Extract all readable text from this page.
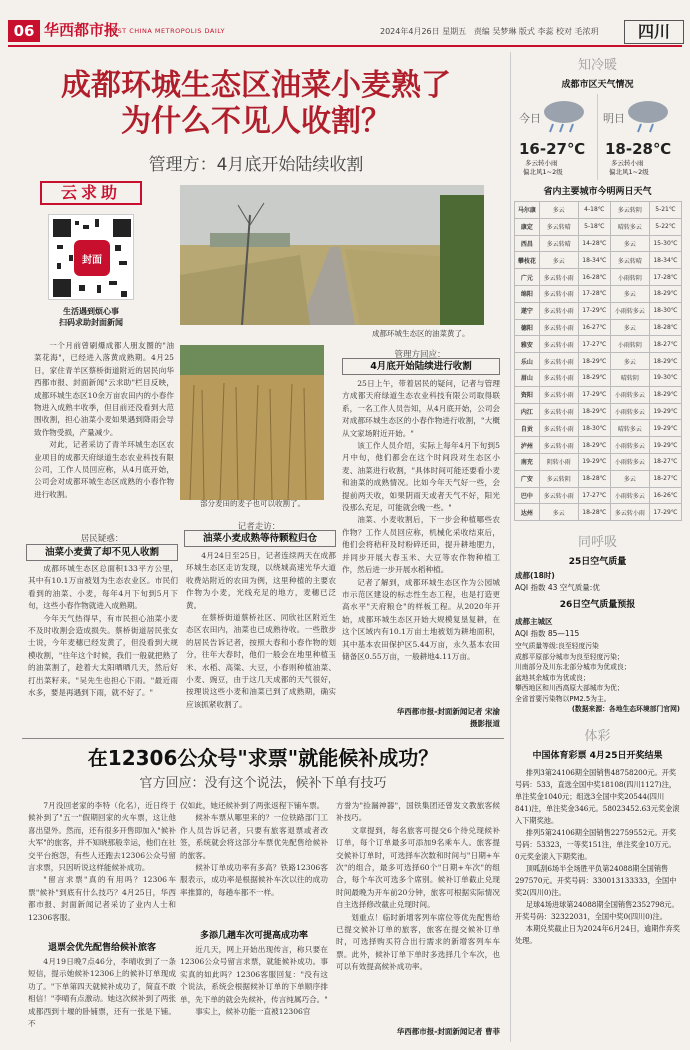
06 华西都市报
WEST CHINA METROPOLIS DAILY	2024年4月26日 星期五 责编 吴梦琳 版式 李蕊 校对 毛浓玥	四川
成都环城生态区油菜小麦熟了
为什么不见人收割？
管理方：4月底开始陆续收割
云求助
封面
生活遇到烦心事
扫码求助封面新闻
成都环城生态区的油菜黄了。
部分麦田的麦子也可以收割了。

一个月前曾刷爆成都人朋友圈的"油菜花海"，已经进入落黄成熟期。4月25日，家住青羊区蔡桥街道附近的居民向华西都市报、封面新闻"云求助"栏目反映，成都环城生态区10余万亩农田内的小春作物进入成熟丰收季，但目前还没看到大范围收割，担心油菜小麦如果遇到降雨会导致作物受损，产量减少。

对此，记者采访了青羊环城生态区农业项目的成都天府绿道生态农业科技有限公司，工作人员回应称，从4月底开始，公司会对成都环城生态区成熟的小春作物进行收割。

居民疑惑：
油菜小麦黄了却不见人收割

成都环城生态区总面积133平方公里，其中有10.1万亩被划为生态农业区。市民们看到的油菜、小麦，每年4月下旬到5月下旬，这些小春作物就进入成熟期。

今年天气热得早，有市民担心油菜小麦不及时收割会造成损失。蔡桥街道居民张女士说，今年麦穗已经发黄了，但没看到大规模收割，"往年这个时候，我们一般就把熟了的油菜割了，趁着大太阳晒晒几天，然后好打出菜籽来。"吴先生也担心下雨。"最近雨水多，要是再遇到下雨，就不好了。"

记者走访：
油菜小麦成熟等待颗粒归仓

4月24日至25日，记者连续两天在成都环城生态区走访发现，以绕城高速光华大道收费站附近的农田为例，这里种植的主要农作物为小麦，光线充足的地方，麦穗已泛黄。

在蔡桥街道蔡桥社区、同欣社区附近生态区农田内，油菜也已成熟待收。一些散步的居民告诉记者，按照大春和小春作物的划分，往年大春时，他们一般会在地里种植玉米、水稻、高粱、大豆，小春则种植油菜、小麦、豌豆，由于这几天成都的天气很好，按理说这些小麦和油菜已到了成熟期，确实应该抓紧收割了。

管理方回应：
4月底开始陆续进行收割

25日上午，带着居民的疑问，记者与管理方成都天府绿道生态农业科技有限公司取得联系，一名工作人员告知，从4月底开始，公司会对成都环城生态区的小春作物进行收割，"大概从文家场附近开始。"

该工作人员介绍，实际上每年4月下旬到5月中旬，他们都会在这个时间段对生态区小麦、油菜进行收割，"具体时间可能还要看小麦和油菜的成熟情况。比如今年天气好一些，会提前两天收，如果阴雨天或者天气不好，阳光没那么充足，可能就会晚一些。"

油菜、小麦收割后，下一步会种植哪些农作物？工作人员回应称，机械化采收结束后，他们会将秸秆及时粉碎还田，提升耕地肥力，并同步开展大春玉米、大豆等农作物种植工作，然后进一步开展水稻种植。

记者了解到，成都环城生态区作为公园城市示范区建设的标志性生态工程，也是打造更高水平"天府粮仓"的样板工程。从2020年开始，成都环城生态区开始大规模复垦复耕，在这个区域内有10.1万亩土地被划为耕地面积，其中基本农田保护区5.44万亩，永久基本农田储备区0.55万亩，一般耕地4.11万亩。

华西都市报-封面新闻记者 宋渝
摄影报道
在12306公众号"求票"就能候补成功？
官方回应：没有这个说法，候补下单有技巧

7月没回老家的李特（化名），近日终于候补到了"五一"假期回家的火车票，这让他喜出望外。然而，还有很多开售即加入"候补大军"的旅客，并不知晓那般幸运，他们在社交平台抱怨，有些人还跑去12306公众号留言求票，只因听说这样能候补成功。

"留言求票"真的有用吗？12306车票"候补"到底有什么技巧？4月25日，华西都市报、封面新闻记者采访了业内人士和12306客服。

退票会优先配售给候补旅客

4月19日晚7点46分，李晴收到了一条短信，提示她候补12306上的候补订单现成功了。"下单第四天就候补成功了，简直不敢相信！"李晴有点激动。她这次候补到了两张成都西到十堰的卧铺票，还有一张是下铺。不

仅如此，她还候补到了两张返程下铺车票。

候补车票从哪里来的？一位铁路部门工作人员告诉记者，只要有旅客退票或者改签，系统就会将这部分车票优先配售给候补的旅客。

候补订单成功率有多高？铁路12306客服表示，成功率是根据候补车次以往的成功率推算的，每趟车都不一样。

多添几趟车次可提高成功率

近几天，网上开始出现传言，称只要在12306公众号留言求票，就能候补成功。事实真的如此吗？12306客服回复："没有这个说法，系统会根据候补订单的下单顺序排单，先下单的就会先候补，传言纯属巧合。"

事实上，候补功能一直被12306官

方誉为"捡漏神器"，国铁集团还曾发文教旅客候补技巧。

文章提到，每名旅客可提交6个待兑现候补订单，每个订单最多可添加9名乘车人。旅客提交候补订单时，可选择车次数和时间与"日期+车次"的组合，最多可选择60个"日期+车次"的组合，每个车次可选多个席别。候补订单截止兑现时间最晚为开车前20分钟，旅客可根据实际情况自主选择修改截止兑现时间。

划重点！临时新增客列车席位等优先配售给已提交候补订单的旅客，旅客在提交候补订单时，可选择购买符合出行需求的新增客列车车票。此外，候补订单下单时多选择几个车次，也可以有效提高候补成功率。

华西都市报-封面新闻记者 曹菲
知冷暖
成都市区天气情况
今日
16-27℃
多云转小雨
偏北风1~2级
明日
18-28℃
多云转小雨
偏北风1~2级
省内主要城市今明两日天气
马尔康	多云	4-18℃	多云转阴	5-21℃
康定	多云转晴	5-18℃	晴转多云	5-22℃
西昌	多云转晴	14-28℃	多云	15-30℃
攀枝花	多云	18-34℃	多云转晴	18-34℃
广元	多云转小雨	16-28℃	小雨转阴	17-28℃
绵阳	多云转小雨	17-28℃	多云	18-29℃
遂宁	多云转小雨	17-29℃	小雨转多云	18-30℃
德阳	多云转小雨	16-27℃	多云	18-28℃
雅安	多云转小雨	17-27℃	小雨转阴	18-27℃
乐山	多云转小雨	18-29℃	多云	18-29℃
眉山	多云转小雨	18-29℃	晴转阴	19-30℃
资阳	多云转小雨	17-29℃	小雨转多云	18-29℃
内江	多云转小雨	18-29℃	小雨转多云	19-29℃
自贡	多云转小雨	18-30℃	晴转多云	19-29℃
泸州	多云转小雨	18-29℃	小雨转多云	19-29℃
南充	阴转小雨	19-29℃	小雨转多云	18-27℃
广安	多云转阴	18-28℃	多云	18-27℃
巴中	多云转小雨	17-27℃	小雨转多云	16-26℃
达州	多云	18-28℃	多云转小雨	17-29℃
同呼吸
25日空气质量
成都(18时)
AQI 指数 43 空气质量:优
26日空气质量预报
成都主城区
AQI 指数 85—115
空气质量等级:良至轻度污染
成都平原部分城市为良至轻度污染；
川南部分及川东北部分城市为优或良；
盆地其余城市为优或良；
攀西地区和川西高原大部城市为优；
全省首要污染物以PM2.5为主。
(数据来源：各地生态环境部门官网)
体彩
中国体育彩票 4月25日开奖结果

排列3第24106期全国销售48758200元。开奖号码：533，直选全国中奖18108(四川1127)注，单注奖金1040元；组选3全国中奖20544(四川841)注，单注奖金346元。58023452.63元奖金滚入下期奖池。

排列5第24106期全国销售22759552元。开奖号码：53323，一等奖151注，单注奖金10万元。0元奖金滚入下期奖池。

顶呱刮6场半全场胜平负第24088期全国销售297570元。开奖号码：330013133333，全国中奖2(四川0)注。

足球4场进球第24088期全国销售2352798元。开奖号码：32322031，全国中奖0(四川0)注。

本期兑奖截止日为2024年6月24日，逾期作弃奖处理。
